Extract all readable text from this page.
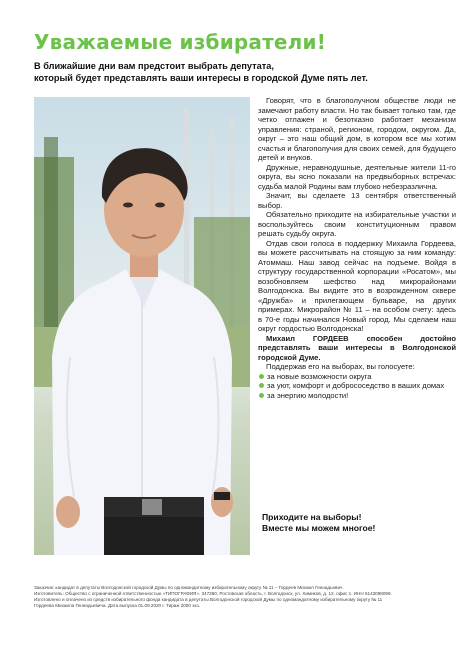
Уважаемые избиратели!
В ближайшие дни вам предстоит выбрать депутата,
который будет представлять ваши интересы в городской Думе пять лет.

Говорят, что в благополучном обществе люди не замечают работу власти. Но так бывает только там, где четко отлажен и безотказно работает механизм управления: страной, регионом, городом, округом. Да, округ – это наш общий дом, в котором все мы хотим счастья и благополучия для своих семей, для будущего детей и внуков.

Дружные, неравнодушные, деятельные жители 11-го округа, вы ясно показали на предвыборных встречах: судьба малой Родины вам глубоко небезразлична.

Значит, вы сделаете 13 сентября ответственный выбор.

Обязательно приходите на избирательные участки и воспользуйтесь своим конституционным правом решать судьбу округа.

Отдав свои голоса в поддержку Михаила Гордеева, вы можете рассчитывать на стоящую за ним команду: Атоммаш. Наш завод сейчас на подъеме. Войдя в структуру государственной корпорации «Росатом», мы возобновляем шефство над микрорайонами Волгодонска. Вы видите это в возрожденном сквере «Дружба» и прилегающем бульваре, на других примерах. Микрорайон № 11 – на особом счету: здесь в 70-е годы начинался Новый город. Мы сделаем наш округ гордостью Волгодонска!

Михаил ГОРДЕЕВ способен достойно представлять ваши интересы в Волгодонской городской Думе.

Поддержав его на выборах, вы голосуете:

за новые возможности округа
за уют, комфорт и добрососедство в ваших домах
за энергию молодости!
Приходите на выборы!
Вместе мы можем многое!
Заказчик: кандидат в депутаты Волгодонской городской Думы по одномандатному избирательному округу № 11 – Гордеев Михаил Геннадьевич.
Изготовитель: Общество с ограниченной ответственностью «ТИПОГРАФИЯ». 347360, Ростовская область, г. Волгодонск, ул. Химиков, д. 12, офис 1. ИНН 6143098099.
Изготовлено и оплачено из средств избирательного фонда кандидата в депутаты Волгодонской городской Думы по одномандатному избирательному округу № 11
Гордеева Михаила Геннадьевича. Дата выпуска 01.09.2020 г. Тираж 2000 экз.
